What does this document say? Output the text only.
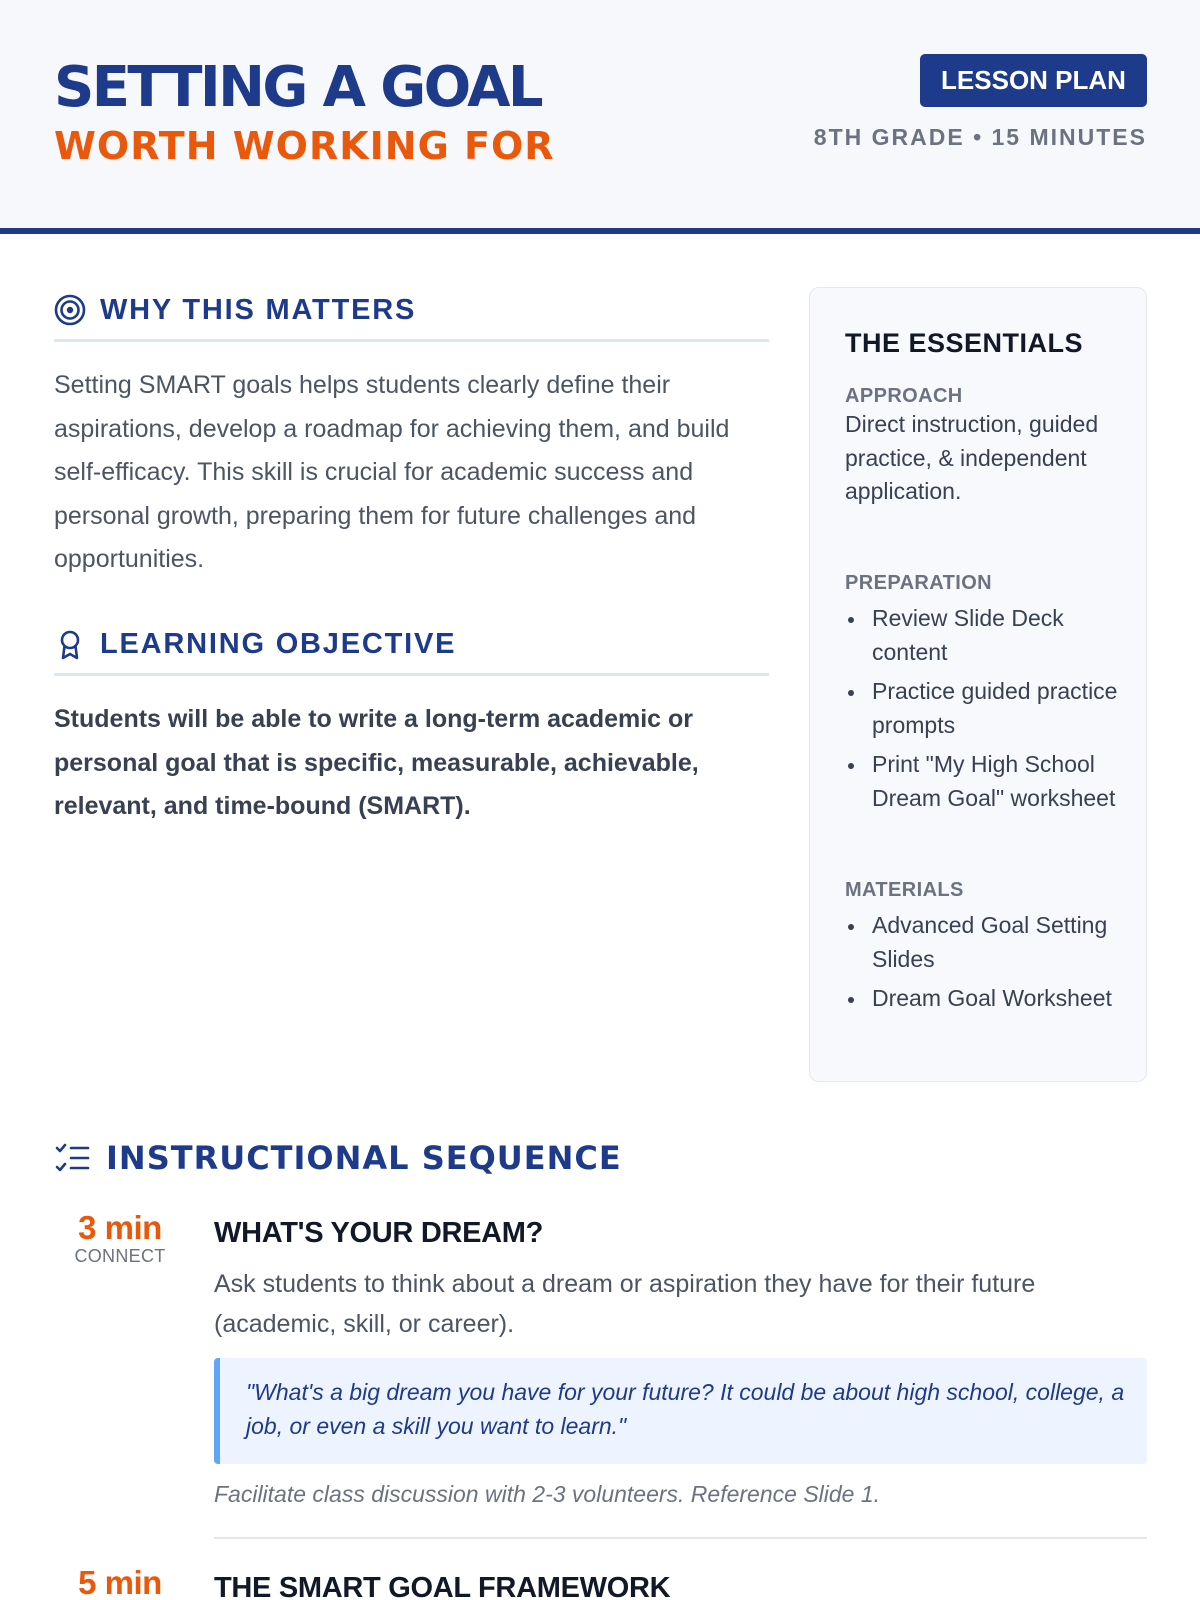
SETTING A GOAL
WORTH WORKING FOR
LESSON PLAN
8TH GRADE • 15 MINUTES
WHY THIS MATTERS
Setting SMART goals helps students clearly define their aspirations, develop a roadmap for achieving them, and build self-efficacy. This skill is crucial for academic success and personal growth, preparing them for future challenges and opportunities.
LEARNING OBJECTIVE
Students will be able to write a long-term academic or personal goal that is specific, measurable, achievable, relevant, and time-bound (SMART).
THE ESSENTIALS
APPROACH
Direct instruction, guided practice, & independent application.
PREPARATION
Review Slide Deck content
Practice guided practice prompts
Print "My High School Dream Goal" worksheet
MATERIALS
Advanced Goal Setting Slides
Dream Goal Worksheet
INSTRUCTIONAL SEQUENCE
3 min
CONNECT
WHAT'S YOUR DREAM?
Ask students to think about a dream or aspiration they have for their future (academic, skill, or career).
"What's a big dream you have for your future? It could be about high school, college, a job, or even a skill you want to learn."
Facilitate class discussion with 2-3 volunteers. Reference Slide 1.
5 min	THE SMART GOAL FRAMEWORK
